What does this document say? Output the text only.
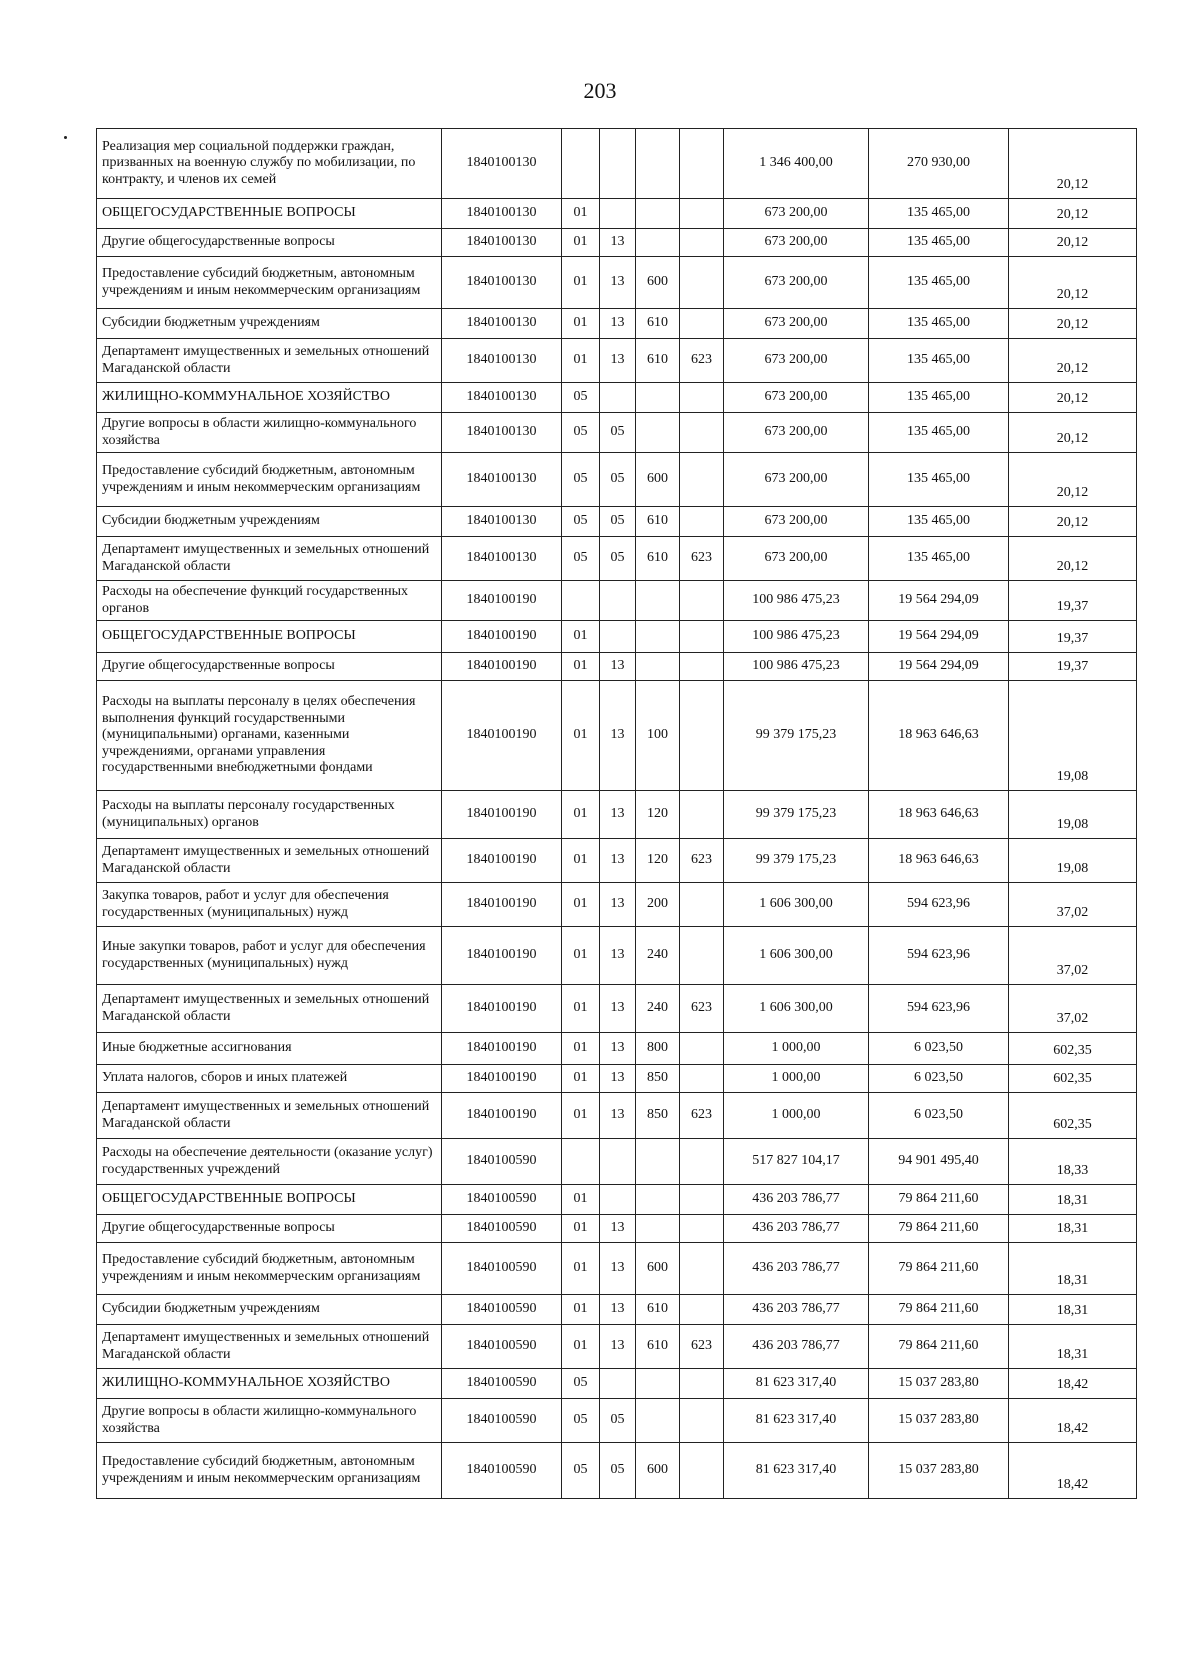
203
Реализация мер социальной поддержки граждан, призванных на военную службу по мобилизации, по контракту, и членов их семей	1840100130					1 346 400,00	270 930,00	20,12
ОБЩЕГОСУДАРСТВЕННЫЕ ВОПРОСЫ	1840100130	01				673 200,00	135 465,00	20,12
Другие общегосударственные вопросы	1840100130	01	13			673 200,00	135 465,00	20,12
Предоставление субсидий бюджетным, автономным учреждениям и иным некоммерческим организациям	1840100130	01	13	600		673 200,00	135 465,00	20,12
Субсидии бюджетным учреждениям	1840100130	01	13	610		673 200,00	135 465,00	20,12
Департамент имущественных и земельных отношений Магаданской области	1840100130	01	13	610	623	673 200,00	135 465,00	20,12
ЖИЛИЩНО-КОММУНАЛЬНОЕ ХОЗЯЙСТВО	1840100130	05				673 200,00	135 465,00	20,12
Другие вопросы в области жилищно-коммунального хозяйства	1840100130	05	05			673 200,00	135 465,00	20,12
Предоставление субсидий бюджетным, автономным учреждениям и иным некоммерческим организациям	1840100130	05	05	600		673 200,00	135 465,00	20,12
Субсидии бюджетным учреждениям	1840100130	05	05	610		673 200,00	135 465,00	20,12
Департамент имущественных и земельных отношений Магаданской области	1840100130	05	05	610	623	673 200,00	135 465,00	20,12
Расходы на обеспечение функций государственных органов	1840100190					100 986 475,23	19 564 294,09	19,37
ОБЩЕГОСУДАРСТВЕННЫЕ ВОПРОСЫ	1840100190	01				100 986 475,23	19 564 294,09	19,37
Другие общегосударственные вопросы	1840100190	01	13			100 986 475,23	19 564 294,09	19,37
Расходы на выплаты персоналу в целях обеспечения выполнения функций государственными (муниципальными) органами, казенными учреждениями, органами управления государственными внебюджетными фондами	1840100190	01	13	100		99 379 175,23	18 963 646,63	19,08
Расходы на выплаты персоналу государственных (муниципальных) органов	1840100190	01	13	120		99 379 175,23	18 963 646,63	19,08
Департамент имущественных и земельных отношений Магаданской области	1840100190	01	13	120	623	99 379 175,23	18 963 646,63	19,08
Закупка товаров, работ и услуг для обеспечения государственных (муниципальных) нужд	1840100190	01	13	200		1 606 300,00	594 623,96	37,02
Иные закупки товаров, работ и услуг для обеспечения государственных (муниципальных) нужд	1840100190	01	13	240		1 606 300,00	594 623,96	37,02
Департамент имущественных и земельных отношений Магаданской области	1840100190	01	13	240	623	1 606 300,00	594 623,96	37,02
Иные бюджетные ассигнования	1840100190	01	13	800		1 000,00	6 023,50	602,35
Уплата налогов, сборов и иных платежей	1840100190	01	13	850		1 000,00	6 023,50	602,35
Департамент имущественных и земельных отношений Магаданской области	1840100190	01	13	850	623	1 000,00	6 023,50	602,35
Расходы на обеспечение деятельности (оказание услуг) государственных учреждений	1840100590					517 827 104,17	94 901 495,40	18,33
ОБЩЕГОСУДАРСТВЕННЫЕ ВОПРОСЫ	1840100590	01				436 203 786,77	79 864 211,60	18,31
Другие общегосударственные вопросы	1840100590	01	13			436 203 786,77	79 864 211,60	18,31
Предоставление субсидий бюджетным, автономным учреждениям и иным некоммерческим организациям	1840100590	01	13	600		436 203 786,77	79 864 211,60	18,31
Субсидии бюджетным учреждениям	1840100590	01	13	610		436 203 786,77	79 864 211,60	18,31
Департамент имущественных и земельных отношений Магаданской области	1840100590	01	13	610	623	436 203 786,77	79 864 211,60	18,31
ЖИЛИЩНО-КОММУНАЛЬНОЕ ХОЗЯЙСТВО	1840100590	05				81 623 317,40	15 037 283,80	18,42
Другие вопросы в области жилищно-коммунального хозяйства	1840100590	05	05			81 623 317,40	15 037 283,80	18,42
Предоставление субсидий бюджетным, автономным учреждениям и иным некоммерческим организациям	1840100590	05	05	600		81 623 317,40	15 037 283,80	18,42
